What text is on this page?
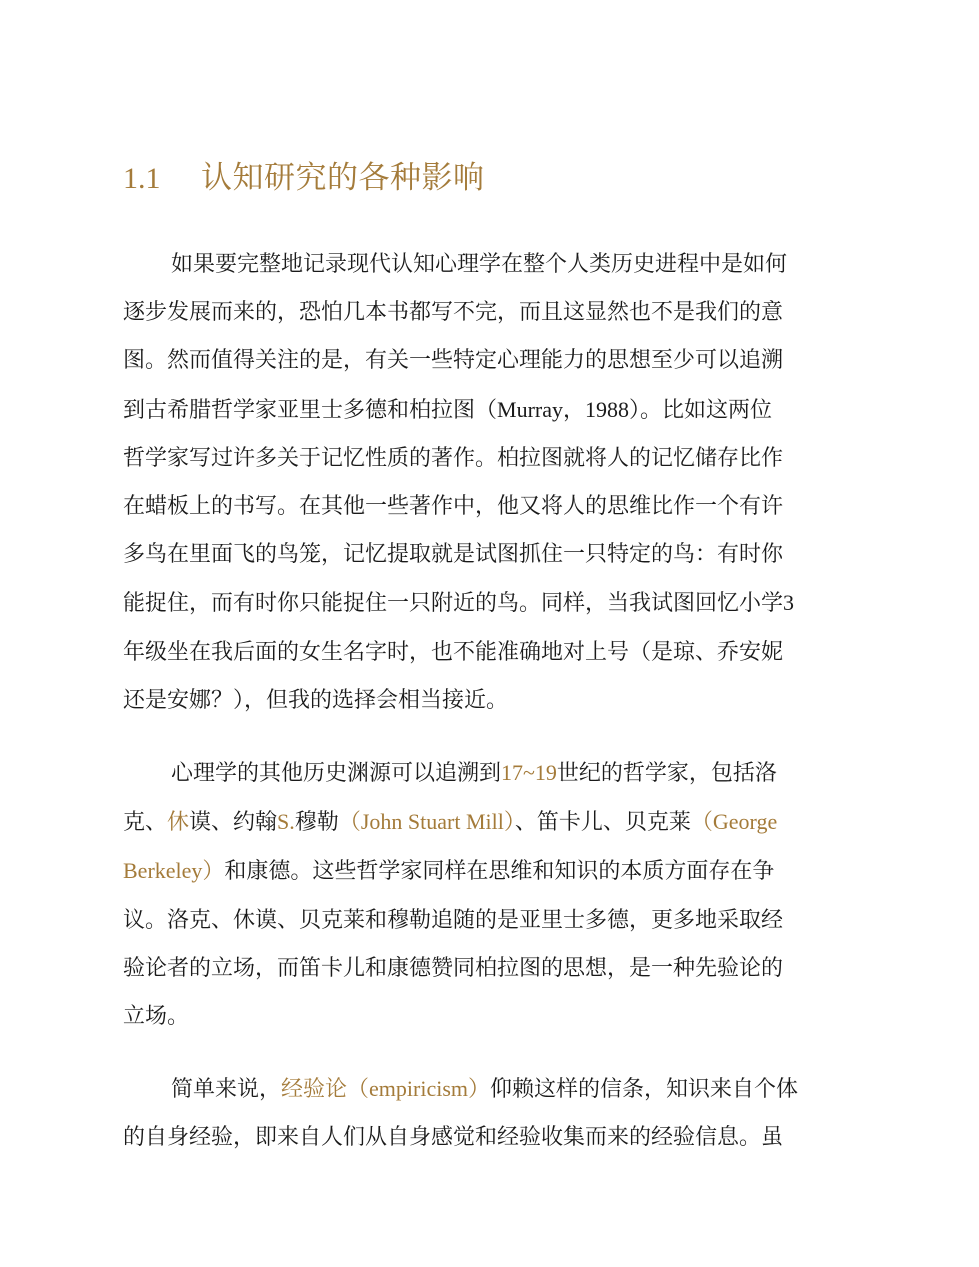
1.1 认知研究的各种影响

如果要完整地记录现代认知心理学在整个人类历史进程中是如何
逐步发展而来的，恐怕几本书都写不完，而且这显然也不是我们的意
图。然而值得关注的是，有关一些特定心理能力的思想至少可以追溯
到古希腊哲学家亚里士多德和柏拉图（Murray，1988）。比如这两位
哲学家写过许多关于记忆性质的著作。柏拉图就将人的记忆储存比作
在蜡板上的书写。在其他一些著作中，他又将人的思维比作一个有许
多鸟在里面飞的鸟笼，记忆提取就是试图抓住一只特定的鸟：有时你
能捉住，而有时你只能捉住一只附近的鸟。同样，当我试图回忆小学3
年级坐在我后面的女生名字时，也不能准确地对上号（是琼、乔安妮
还是安娜？），但我的选择会相当接近。

心理学的其他历史渊源可以追溯到17~19世纪的哲学家，包括洛
克、休谟、约翰S.穆勒（John Stuart Mill）、笛卡儿、贝克莱（George
Berkeley）和康德。这些哲学家同样在思维和知识的本质方面存在争
议。洛克、休谟、贝克莱和穆勒追随的是亚里士多德，更多地采取经
验论者的立场，而笛卡儿和康德赞同柏拉图的思想，是一种先验论的
立场。

简单来说，经验论（empiricism）仰赖这样的信条，知识来自个体
的自身经验，即来自人们从自身感觉和经验收集而来的经验信息。虽
